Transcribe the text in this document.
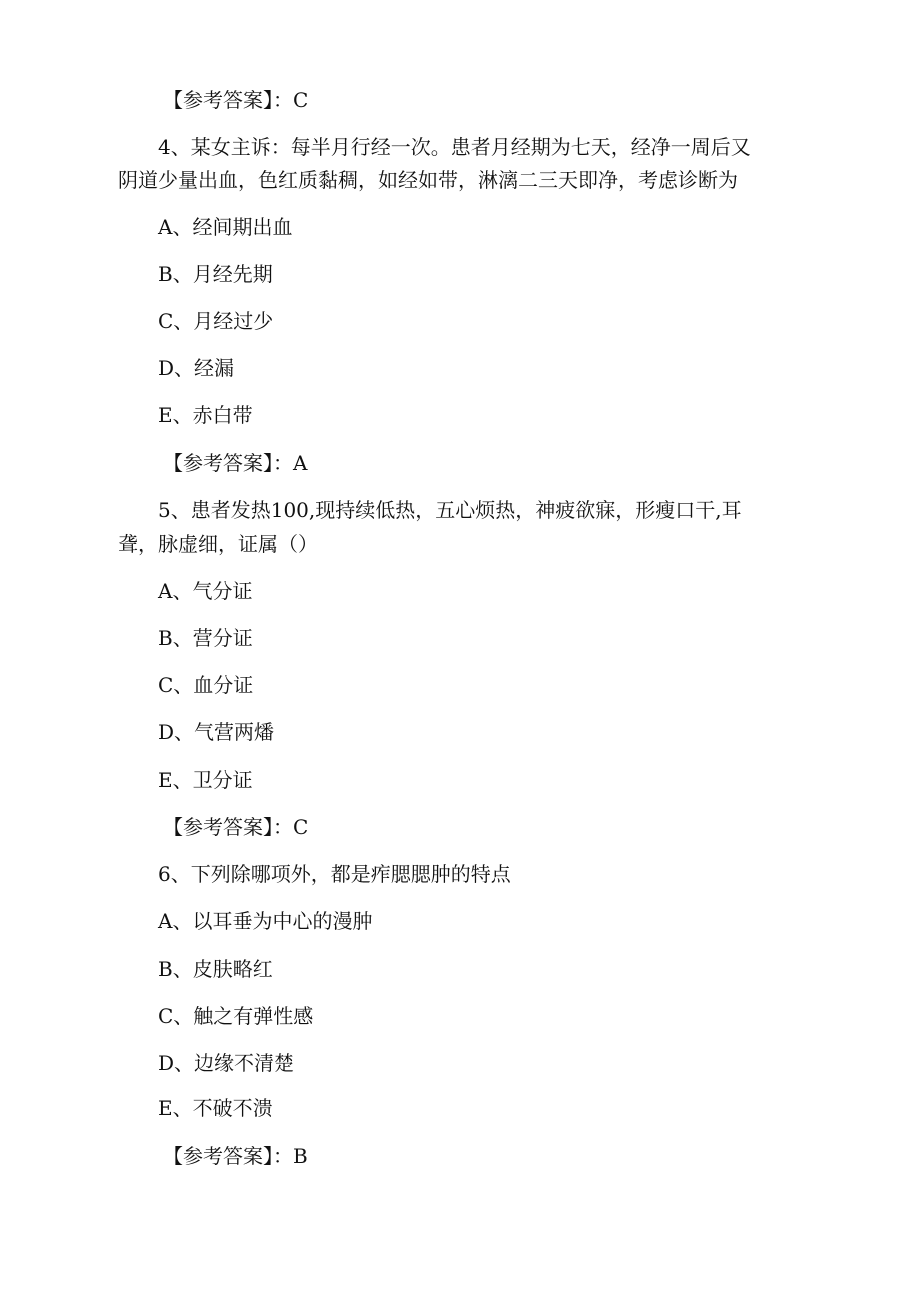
【参考答案】：C
4、某女主诉：每半月行经一次。患者月经期为七天，经净一周后又
阴道少量出血，色红质黏稠，如经如带，淋漓二三天即净，考虑诊断为
A、经间期出血
B、月经先期
C、月经过少
D、经漏
E、赤白带
【参考答案】：A
5、患者发热100,现持续低热，五心烦热，神疲欲寐，形瘦口干,耳
聋，脉虚细，证属（）
A、气分证
B、营分证
C、血分证
D、气营两燔
E、卫分证
【参考答案】：C
6、下列除哪项外，都是痄腮腮肿的特点
A、以耳垂为中心的漫肿
B、皮肤略红
C、触之有弹性感
D、边缘不清楚
E、不破不溃
【参考答案】：B
